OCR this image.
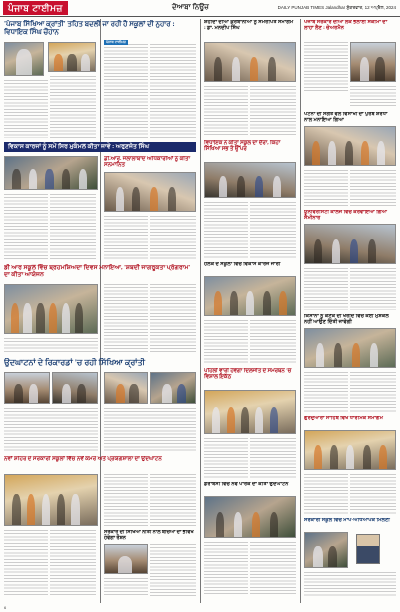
ਪੰਜਾਬ ਟਾਈਮਜ਼	ਦੋਆਬਾ ਨਿਊਜ਼	DAILY PUNJAB TIMES Jalandhar ਸ਼ੁੱਕਰਵਾਰ, 12 ਅਪ੍ਰੈਲ, 2024
'ਪੰਜਾਬ ਸਿੱਖਿਆ ਕ੍ਰਾਂਤੀ' ਤਹਿਤ ਬਦਲੀ ਜਾ ਰਹੀ ਹੈ ਸਕੂਲਾਂ ਦੀ ਨੁਹਾਰ : ਵਿਧਾਇਕ ਸਿੰਘ ਚੌਹਾਨ
ਪੰਜਾਬ ਟਾਈਮਜ਼
ਵਿਕਾਸ ਕਾਰਜਾਂ ਨੂੰ ਸਮੇਂ ਸਿਰ ਮੁਕੰਮਲ ਕੀਤਾ ਜਾਵੇ : ਅਰੁਣਜੋਤ ਸਿੰਘ
ਡੀ.ਆਰ. ਜਲਾਲਾਬਾਦ ਅਧਿਕਾਰੀਆਂ ਨੂੰ ਕੀਤਾ ਸਨਮਾਨਿਤ
ਡੀ ਆਰ ਸਕੂਲ ਵਿੱਚ ਬ੍ਰਹਮਸ਼ਿਅਦਾ ਦਿਵਸ ਮਨਾਇਆ, 'ਸ਼ਬਦੀ ਜਾਗਰੂਕਤਾ ਪ੍ਰੋਗਰਾਮ' ਦਾ ਕੀਤਾ ਆਯੋਜਨ
ਉਦਘਾਟਨਾਂ ਦੇ ਰਿਕਾਰਡਾਂ 'ਚ ਰਹੀ ਸਿੱਖਿਆ ਕ੍ਰਾਂਤੀ
ਨਵਾਂ ਸ਼ਹਿਰ ਦੇ ਸਰਕਾਰੀ ਸਕੂਲਾਂ ਵਿੱਚ ਨਵੇਂ ਕਮਰੇ ਅਤੇ ਪ੍ਰਯੋਗਸ਼ਾਲਾ ਦਾ ਉਦਘਾਟਨ
ਸਰਕਾਰ ਦੀ ਸਿੱਖਿਆ ਨੀਤੀ ਨਾਲ ਬੱਚਿਆਂ ਦਾ ਭਵਿੱਖ ਹੋਵੇਗਾ ਰੌਸ਼ਨ
ਸ਼ਹੀਦਾਂ ਦੀਆਂ ਕੁਰਬਾਨੀਆਂ ਨੂੰ ਸਮਰਪਿਤ ਸਮਾਗਮ : ਡਾ. ਮਨਦੀਪ ਸਿੰਘ
ਵਿਧਾਇਕ ਨੇ ਕੀਤਾ ਸਕੂਲ ਦਾ ਦੌਰਾ, ਕਿਹਾ ਸਿੱਖਿਆ ਸਭ ਤੋਂ ਉੱਪਰ
ਹਲਕੇ ਦੇ ਸਕੂਲਾਂ ਵਿੱਚ ਵਿਕਾਸ ਕਾਰਜ ਜਾਰੀ
ਪਹਿਲੀ ਵਾਰੀ ਹੋਵੇਗਾ ਦਿਲਜੀਤ ਦੇ ਸਮਰਥਨ 'ਚ ਵਿਸ਼ਾਲ ਇਕੱਠ
ਡੇਰਾਬੱਸੀ ਵਿੱਚ ਨਵੇਂ ਪਾਰਕ ਦਾ ਕੀਤਾ ਉਦਘਾਟਨ
ਪੰਜਾਬ ਸਰਕਾਰ ਦੀਆਂ ਲੋਕ ਭਲਾਈ ਸਕੀਮਾਂ ਦਾ ਲਾਹਾ ਲੈਣ : ਚੇਅਰਮੈਨ
ਪਟਨਾ ਦੀ ਸੰਗਤ ਵੱਲੋਂ ਵਿਸਾਖੀ ਦਾ ਪੁਰਬ ਸ਼ਰਧਾ ਨਾਲ ਮਨਾਇਆ ਗਿਆ
ਯੂਨੀਵਰਸਿਟੀ ਕਾਲਜ ਵਿੱਚ ਕਰਵਾਇਆ ਗਿਆ ਸੈਮੀਨਾਰ
ਕਿਸਾਨਾਂ ਨੂੰ ਕਣਕ ਦੀ ਖਰੀਦ ਵਿੱਚ ਕੋਈ ਮੁਸ਼ਕਲ ਨਹੀਂ ਆਉਣ ਦਿੱਤੀ ਜਾਵੇਗੀ
ਗੁਰਦੁਆਰਾ ਸਾਹਿਬ ਵਿਖੇ ਧਾਰਮਿਕ ਸਮਾਗਮ
ਸਰਕਾਰੀ ਸਕੂਲ ਵਿੱਚ ਮਾਪੇ-ਅਧਿਆਪਕ ਮਿਲਣੀ
6
